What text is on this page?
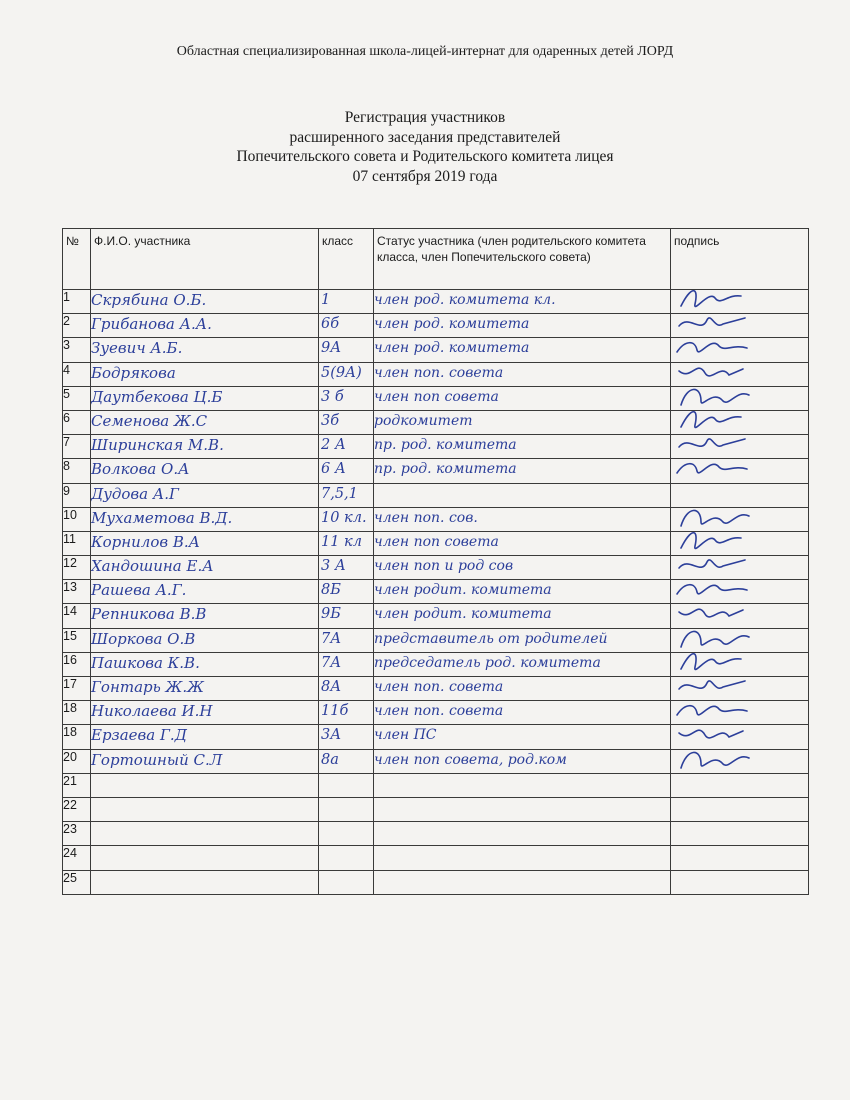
Областная специализированная школа-лицей-интернат для одаренных детей ЛОРД
Регистрация участников
расширенного заседания представителей
Попечительского совета и Родительского комитета лицея
07 сентября 2019 года
№	Ф.И.О. участника	класс	Статус участника (член родительского комитета класса, член Попечительского совета)	подпись
1	Скрябина О.Б.	1	член род. комитета кл.	

2	Грибанова А.А.	6б	член род. комитета	

3	Зуевич А.Б.	9А	член род. комитета	

4	Бодрякова	5(9А)	член поп. совета	

5	Даутбекова Ц.Б	3 б	член поп совета	

6	Семенова Ж.С	3б	родкомитет	

7	Ширинская М.В.	2 А	пр. род. комитета	

8	Волкова О.А	6 А	пр. род. комитета	

9	Дудова А.Г	7,5,1		
10	Мухаметова В.Д.	10 кл.	член поп. сов.	

11	Корнилов В.А	11 кл	член поп совета	

12	Хандошина Е.А	3 А	член поп и род сов	

13	Рашева А.Г.	8Б	член родит. комитета	

14	Репникова В.В	9Б	член родит. комитета	

15	Шоркова О.В	7А	представитель от родителей	

16	Пашкова К.В.	7А	председатель род. комитета	

17	Гонтарь Ж.Ж	8А	член поп. совета	

18	Николаева И.Н	11б	член поп. совета	

18	Ерзаева Г.Д	3А	член ПС	

20	Гортошный С.Л	8а	член поп совета, род.ком	

21				
22				
23				
24				
25				
